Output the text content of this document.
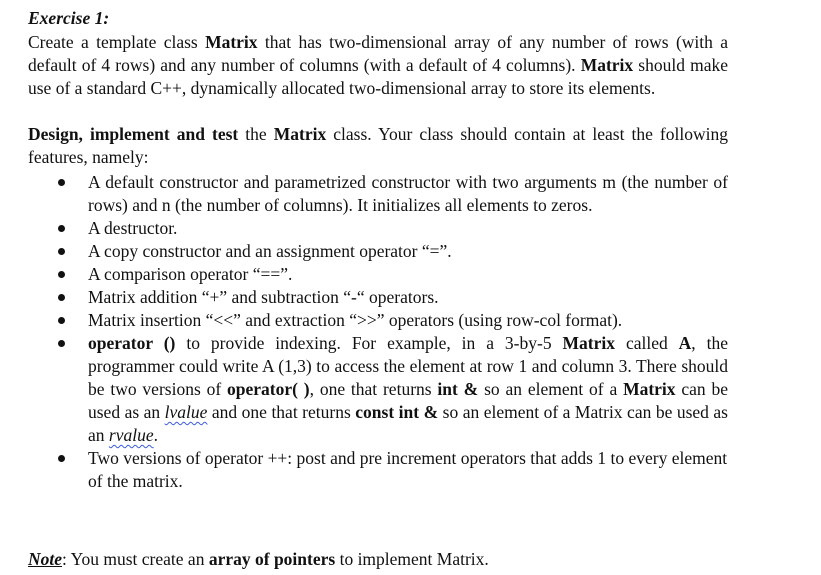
Exercise 1:
Create a template class Matrix that has two-dimensional array of any number of rows (with a default of 4 rows) and any number of columns (with a default of 4 columns). Matrix should make use of a standard C++, dynamically allocated two-dimensional array to store its elements.
Design, implement and test the Matrix class. Your class should contain at least the following features, namely:
A default constructor and parametrized constructor with two arguments m (the number of rows) and n (the number of columns). It initializes all elements to zeros.
A destructor.
A copy constructor and an assignment operator “=”.
A comparison operator “==”.
Matrix addition “+” and subtraction “-“ operators.
Matrix insertion “<<” and extraction “>>” operators (using row-col format).
operator () to provide indexing. For example, in a 3-by-5 Matrix called A, the programmer could write A (1,3) to access the element at row 1 and column 3. There should be two versions of operator( ), one that returns int & so an element of a Matrix can be used as an lvalue and one that returns const int & so an element of a Matrix can be used as an rvalue.
Two versions of operator ++: post and pre increment operators that adds 1 to every element of the matrix.
Note: You must create an array of pointers to implement Matrix.
